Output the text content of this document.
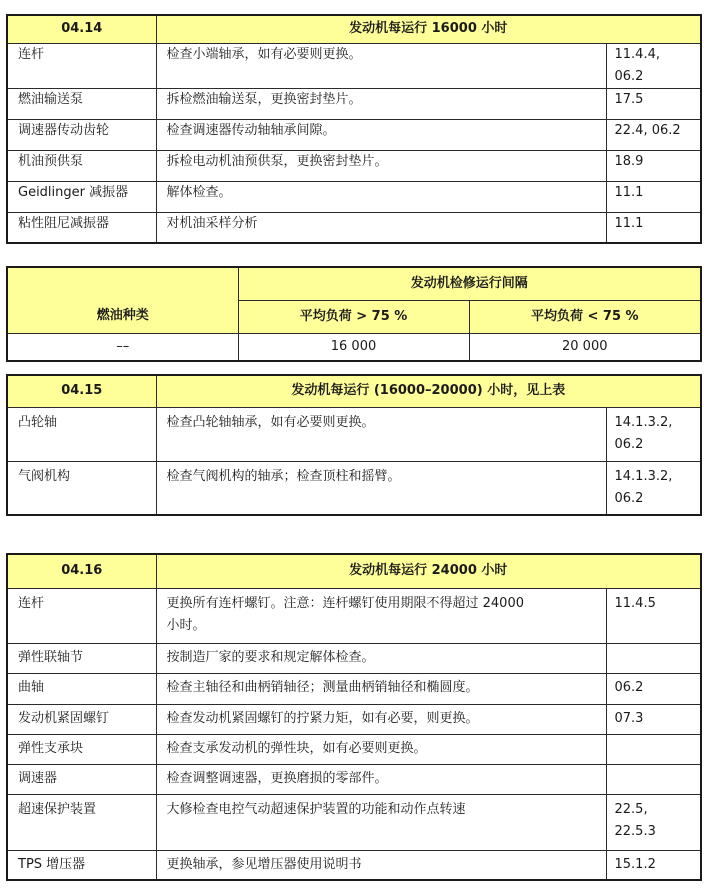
04.14	发动机每运行 16000 小时	
连杆	检查小端轴承，如有必要则更换。	11.4.4, 06.2
燃油输送泵	拆检燃油输送泵，更换密封垫片。	17.5
调速器传动齿轮	检查调速器传动轴轴承间隙。	22.4, 06.2
机油预供泵	拆检电动机油预供泵，更换密封垫片。	18.9
Geidlinger 减振器	解体检查。	11.1
粘性阻尼减振器	对机油采样分析	11.1
	发动机检修运行间隔	
燃油种类	平均负荷 > 75 %	平均负荷 < 75 %
––	16 000	20 000
04.15	发动机每运行 (16000–20000) 小时，见上表	
凸轮轴	检查凸轮轴轴承，如有必要则更换。	14.1.3.2,
06.2

气阀机构	检查气阀机构的轴承；检查顶柱和摇臂。	14.1.3.2,
06.2
04.16	发动机每运行 24000 小时	
连杆	更换所有连杆螺钉。注意：连杆螺钉使用期限不得超过 24000
小时。	11.4.5
弹性联轴节	按制造厂家的要求和规定解体检查。	
曲轴	检查主轴径和曲柄销轴径；测量曲柄销轴径和椭圆度。	06.2
发动机紧固螺钉	检查发动机紧固螺钉的拧紧力矩，如有必要，则更换。	07.3
弹性支承块	检查支承发动机的弹性块，如有必要则更换。	
调速器	检查调整调速器，更换磨损的零部件。	
超速保护装置	大修检查电控气动超速保护装置的功能和动作点转速	22.5,
22.5.3

TPS 增压器	更换轴承，参见增压器使用说明书	15.1.2
